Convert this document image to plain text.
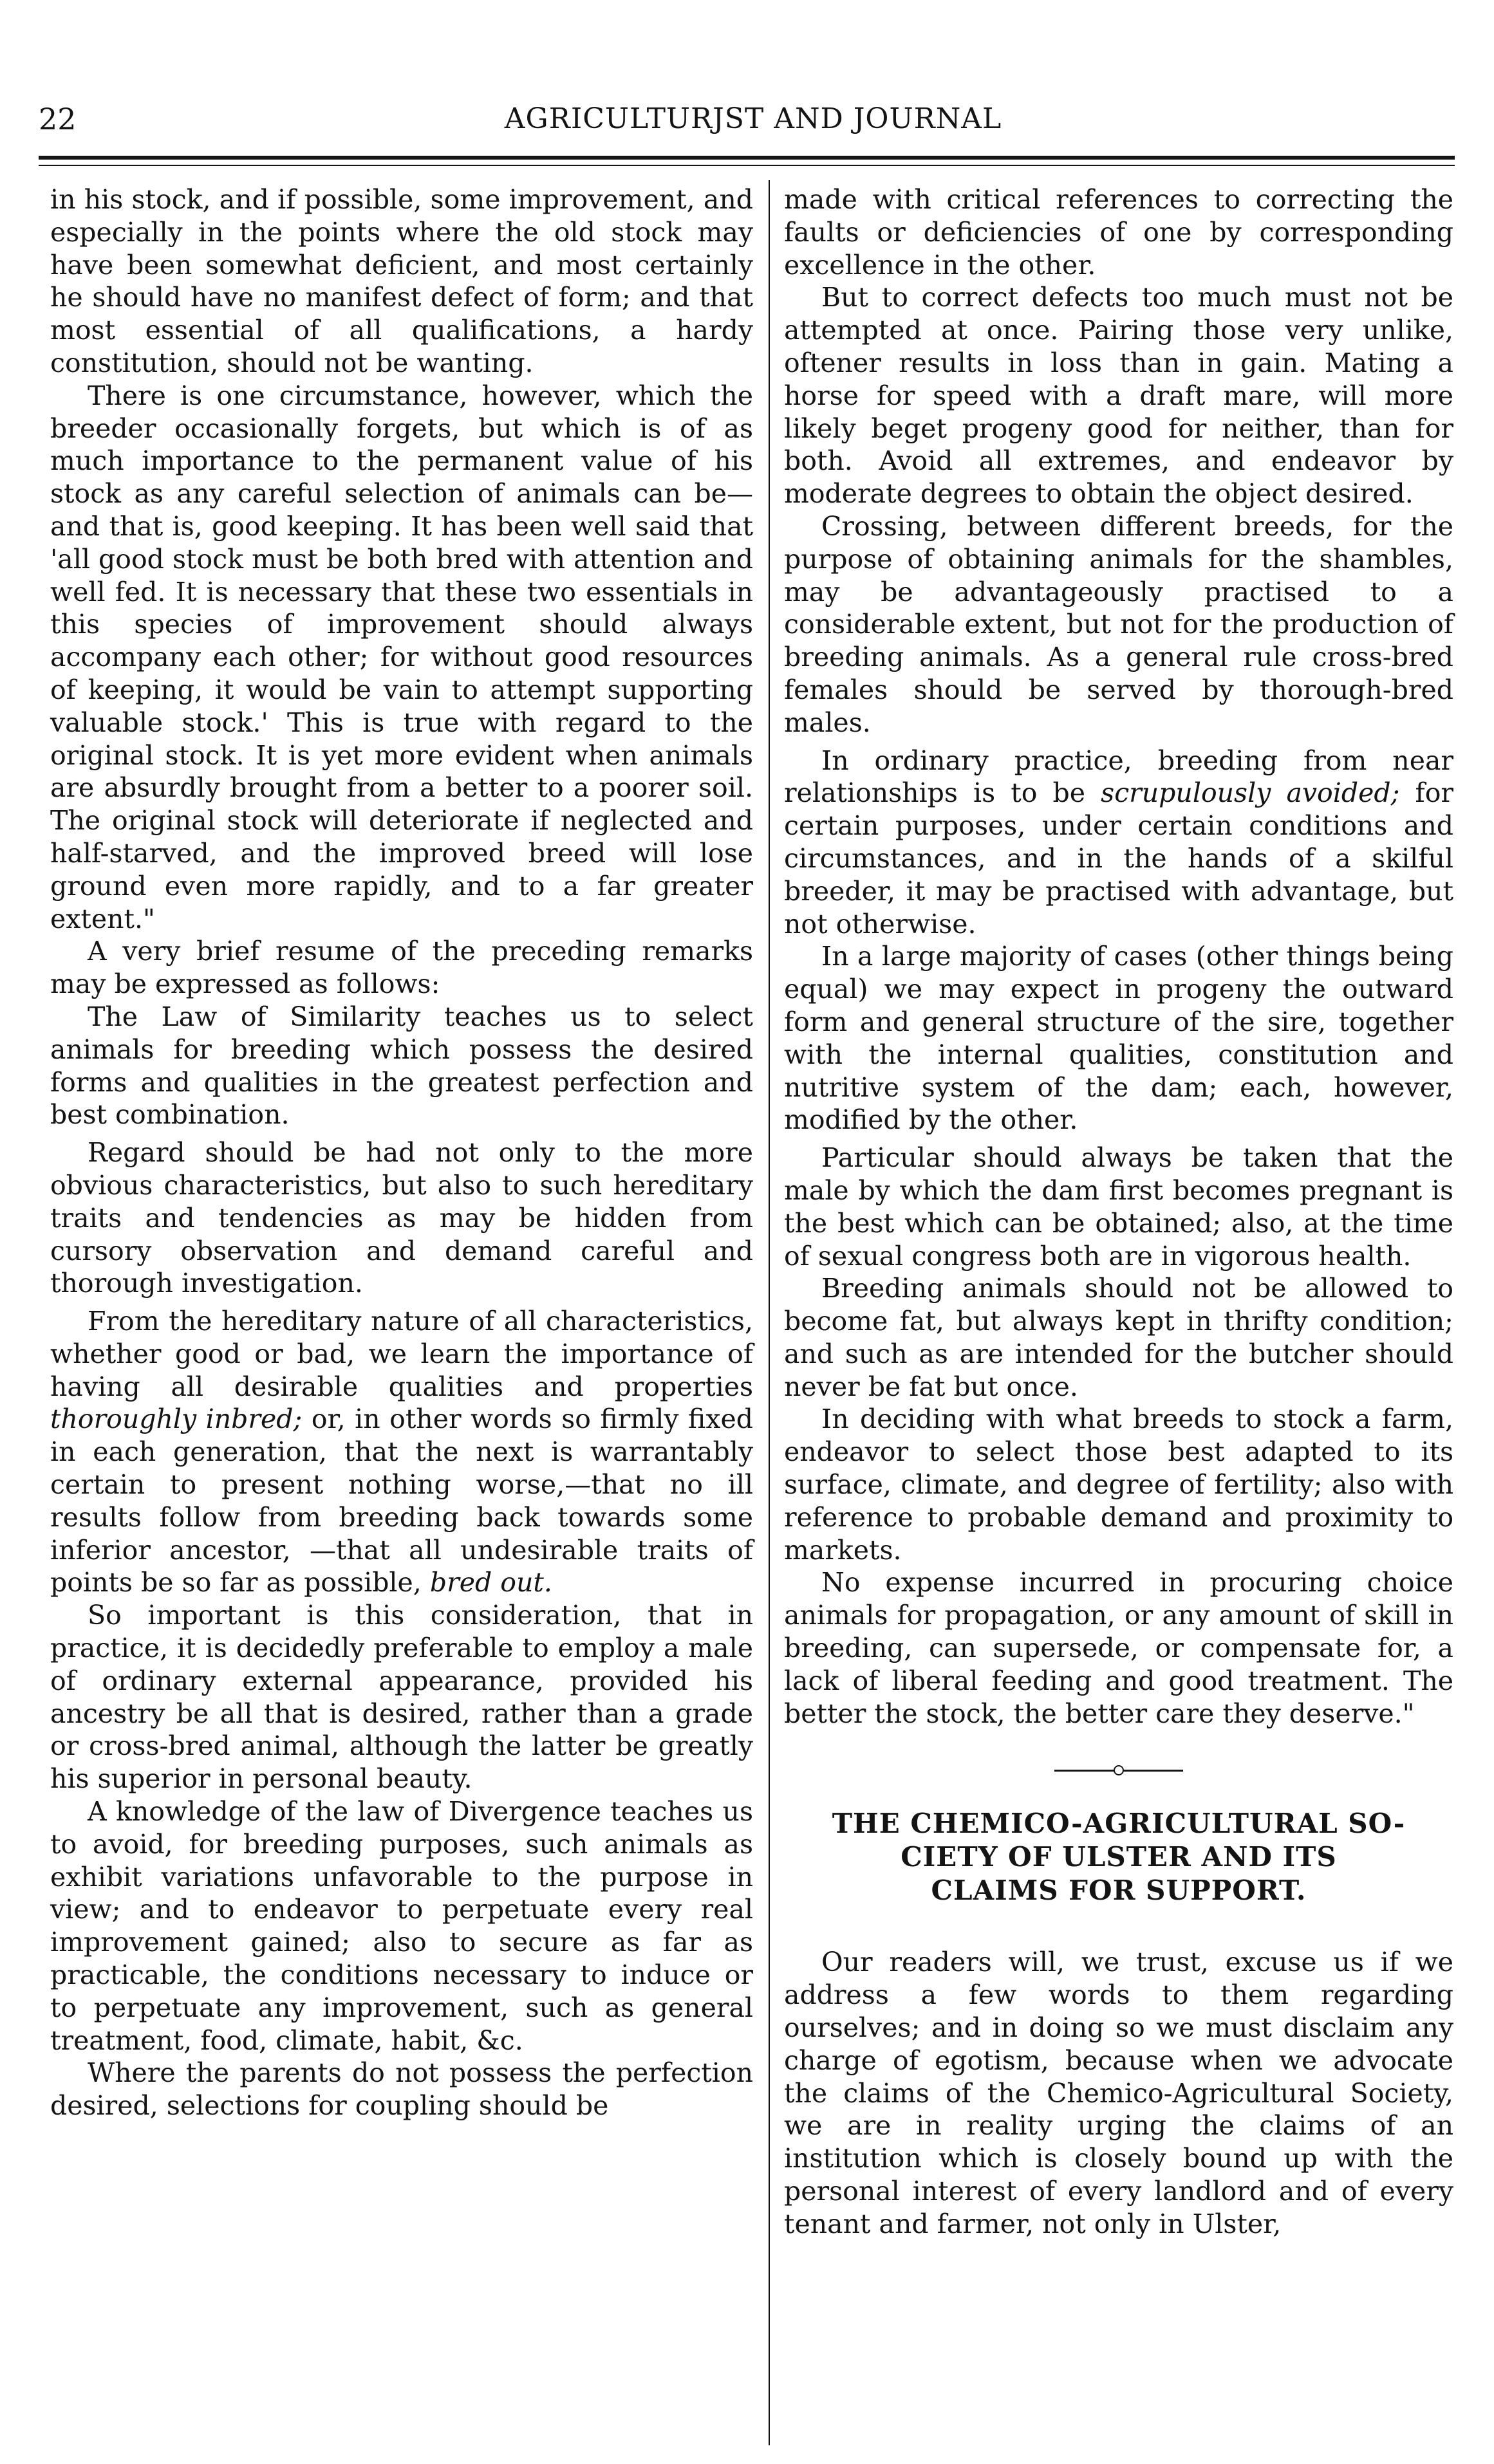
22	AGRICULTURJST AND JOURNAL

in his stock, and if possible, some improvement, and especially in the points where the old stock may have been somewhat deficient, and most certainly he should have no manifest defect of form; and that most essential of all qualifications, a hardy constitution, should not be wanting.

There is one circumstance, however, which the breeder occasionally forgets, but which is of as much importance to the permanent value of his stock as any careful selection of animals can be—and that is, good keeping. It has been well said that 'all good stock must be both bred with attention and well fed. It is necessary that these two essentials in this species of improvement should always accompany each other; for without good resources of keeping, it would be vain to attempt supporting valuable stock.' This is true with regard to the original stock. It is yet more evident when animals are absurdly brought from a better to a poorer soil. The original stock will deteriorate if neglected and half-starved, and the improved breed will lose ground even more rapidly, and to a far greater extent."

A very brief resume of the preceding remarks may be expressed as follows:

The Law of Similarity teaches us to select animals for breeding which possess the desired forms and qualities in the greatest perfection and best combination.

Regard should be had not only to the more obvious characteristics, but also to such hereditary traits and tendencies as may be hidden from cursory observation and demand careful and thorough investigation.

From the hereditary nature of all characteristics, whether good or bad, we learn the importance of having all desirable qualities and properties thoroughly inbred; or, in other words so firmly fixed in each generation, that the next is warrantably certain to present nothing worse,—that no ill results follow from breeding back towards some inferior ancestor, —that all undesirable traits of points be so far as possible, bred out.

So important is this consideration, that in practice, it is decidedly preferable to employ a male of ordinary external appearance, provided his ancestry be all that is desired, rather than a grade or cross-bred animal, although the latter be greatly his superior in personal beauty.

A knowledge of the law of Divergence teaches us to avoid, for breeding purposes, such animals as exhibit variations unfavorable to the purpose in view; and to endeavor to perpetuate every real improvement gained; also to secure as far as practicable, the conditions necessary to induce or to perpetuate any improvement, such as general treatment, food, climate, habit, &c.

Where the parents do not possess the perfection desired, selections for coupling should be

made with critical references to correcting the faults or deficiencies of one by corresponding excellence in the other.

But to correct defects too much must not be attempted at once. Pairing those very unlike, oftener results in loss than in gain. Mating a horse for speed with a draft mare, will more likely beget progeny good for neither, than for both. Avoid all extremes, and endeavor by moderate degrees to obtain the object desired.

Crossing, between different breeds, for the purpose of obtaining animals for the shambles, may be advantageously practised to a considerable extent, but not for the production of breeding animals. As a general rule cross-bred females should be served by thorough-bred males.

In ordinary practice, breeding from near relationships is to be scrupulously avoided; for certain purposes, under certain conditions and circumstances, and in the hands of a skilful breeder, it may be practised with advantage, but not otherwise.

In a large majority of cases (other things being equal) we may expect in progeny the outward form and general structure of the sire, together with the internal qualities, constitution and nutritive system of the dam; each, however, modified by the other.

Particular should always be taken that the male by which the dam first becomes pregnant is the best which can be obtained; also, at the time of sexual congress both are in vigorous health.

Breeding animals should not be allowed to become fat, but always kept in thrifty condition; and such as are intended for the butcher should never be fat but once.

In deciding with what breeds to stock a farm, endeavor to select those best adapted to its surface, climate, and degree of fertility; also with reference to probable demand and proximity to markets.

No expense incurred in procuring choice animals for propagation, or any amount of skill in breeding, can supersede, or compensate for, a lack of liberal feeding and good treatment. The better the stock, the better care they deserve."

THE CHEMICO-AGRICULTURAL SO-
CIETY OF ULSTER AND ITS
CLAIMS FOR SUPPORT.

Our readers will, we trust, excuse us if we address a few words to them regarding ourselves; and in doing so we must disclaim any charge of egotism, because when we advocate the claims of the Chemico-Agricultural Society, we are in reality urging the claims of an institution which is closely bound up with the personal interest of every landlord and of every tenant and farmer, not only in Ulster,
